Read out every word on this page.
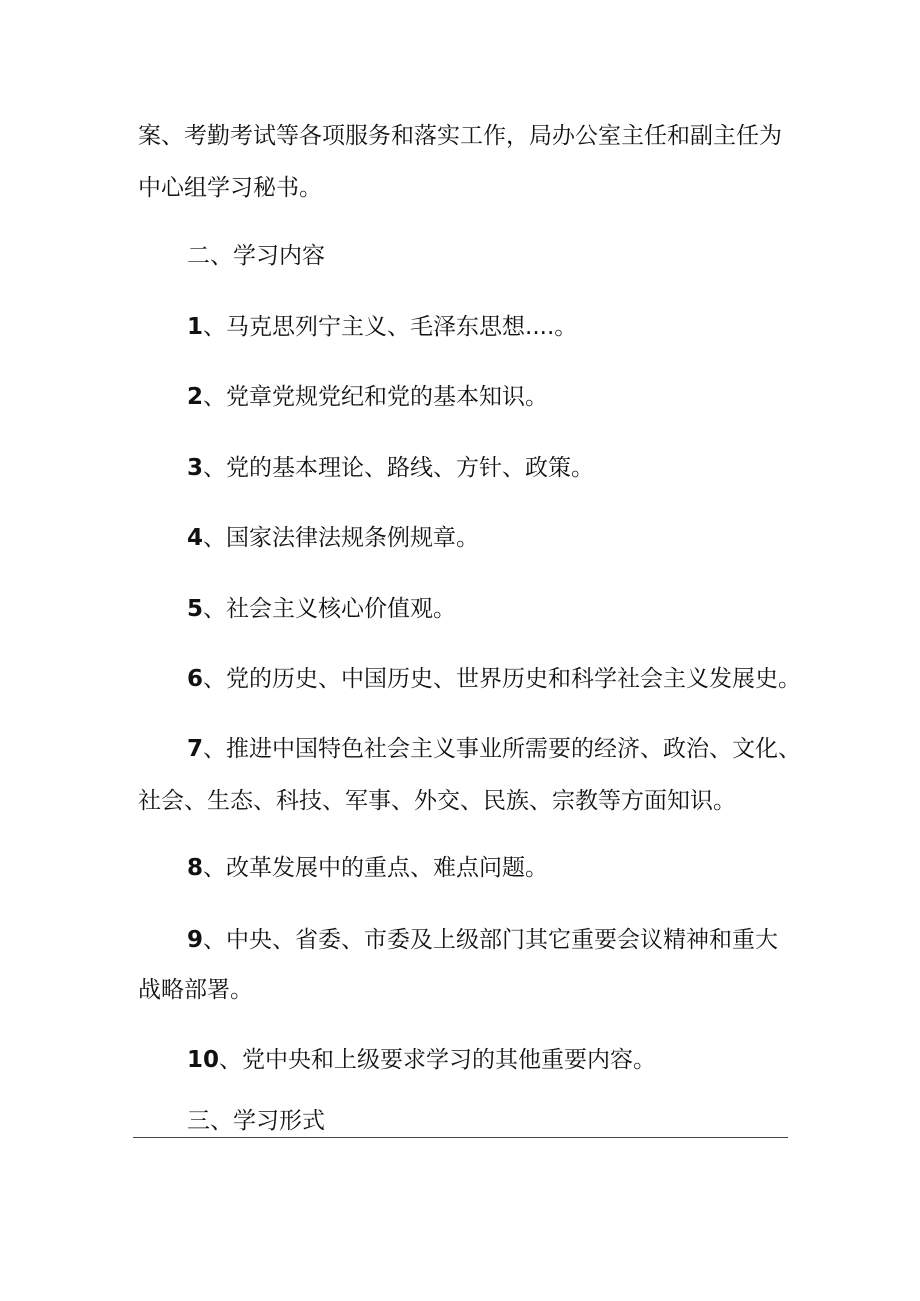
案、考勤考试等各项服务和落实工作，局办公室主任和副主任为
中心组学习秘书。
二、学习内容
1、马克思列宁主义、毛泽东思想....。
2、党章党规党纪和党的基本知识。
3、党的基本理论、路线、方针、政策。
4、国家法律法规条例规章。
5、社会主义核心价值观。
6、党的历史、中国历史、世界历史和科学社会主义发展史。
7、推进中国特色社会主义事业所需要的经济、政治、文化、
社会、生态、科技、军事、外交、民族、宗教等方面知识。
8、改革发展中的重点、难点问题。
9、中央、省委、市委及上级部门其它重要会议精神和重大
战略部署。
10、党中央和上级要求学习的其他重要内容。
三、学习形式
